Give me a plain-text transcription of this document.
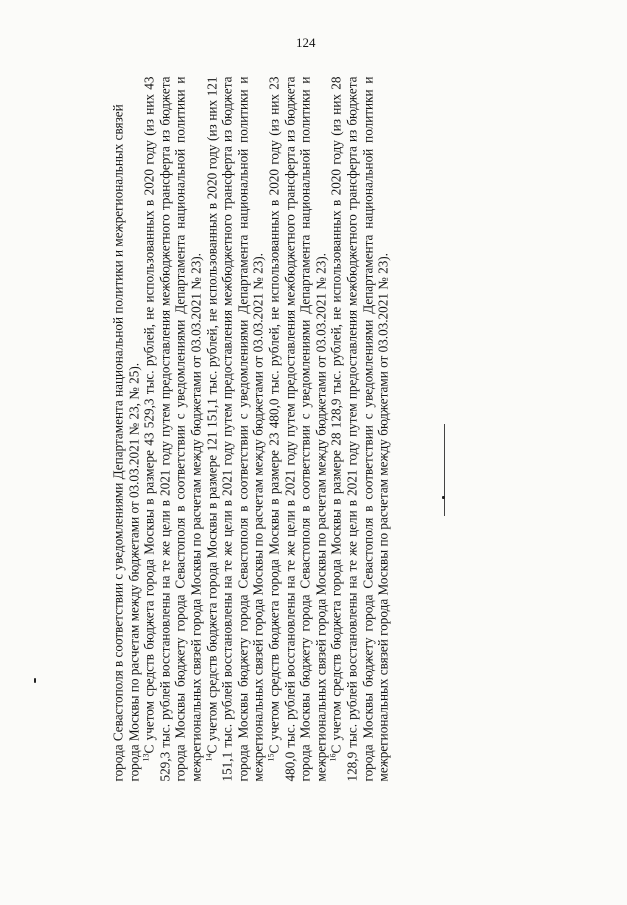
124

города Севастополя в соответствии с уведомлениями Департамента национальной политики и межрегиональных связей города Москвы по расчетам между бюджетами от 03.03.2021 № 23, № 25). $^{13}$С учетом средств бюджета города Москвы в размере 43 529,3 тыс. рублей, не использованных в 2020 году (из них 43 529,3 тыс. рублей восстановлены на те же цели в 2021 году путем предоставления межбюджетного трансферта из бюджета города Москвы бюджету города Севастополя в соответствии с уведомлениями Департамента национальной политики и межрегиональных связей города Москвы по расчетам между бюджетами от 03.03.2021 № 23). $^{14}$С учетом средств бюджета города Москвы в размере 121 151,1 тыс. рублей, не использованных в 2020 году (из них 121 151,1 тыс. рублей восстановлены на те же цели в 2021 году путем предоставления межбюджетного трансферта из бюджета города Москвы бюджету города Севастополя в соответствии с уведомлениями Департамента национальной политики и межрегиональных связей города Москвы по расчетам между бюджетами от 03.03.2021 № 23). $^{15}$С учетом средств бюджета города Москвы в размере 23 480,0 тыс. рублей, не использованных в 2020 году (из них 23 480,0 тыс. рублей восстановлены на те же цели в 2021 году путем предоставления межбюджетного трансферта из бюджета города Москвы бюджету города Севастополя в соответствии с уведомлениями Департамента национальной политики и межрегиональных связей города Москвы по расчетам между бюджетами от 03.03.2021 № 23). $^{16}$С учетом средств бюджета города Москвы в размере 28 128,9 тыс. рублей, не использованных в 2020 году (из них 28 128,9 тыс. рублей восстановлены на те же цели в 2021 году путем предоставления межбюджетного трансферта из бюджета города Москвы бюджету города Севастополя в соответствии с уведомлениями Департамента национальной политики и межрегиональных связей города Москвы по расчетам между бюджетами от 03.03.2021 № 23).
